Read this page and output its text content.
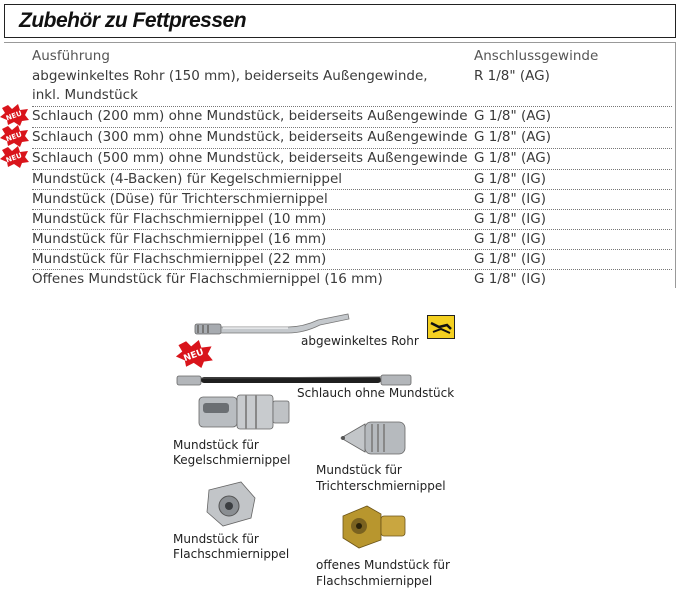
Zubehör zu Fettpressen
Ausführung	Anschlussgewinde
abgewinkeltes Rohr (150 mm), beiderseits Außengewinde,
inkl. Mundstück
R 1/8" (AG)
Schlauch (200 mm) ohne Mundstück, beiderseits Außengewinde G 1/8" (AG)
Schlauch (300 mm) ohne Mundstück, beiderseits Außengewinde G 1/8" (AG)
Schlauch (500 mm) ohne Mundstück, beiderseits Außengewinde G 1/8" (AG)
Mundstück (4-Backen) für Kegelschmiernippel	G 1/8" (IG)
Mundstück (Düse) für Trichterschmiernippel	G 1/8" (IG)
Mundstück für Flachschmiernippel (10 mm)	G 1/8" (IG)
Mundstück für Flachschmiernippel (16 mm)	G 1/8" (IG)
Mundstück für Flachschmiernippel (22 mm)	G 1/8" (IG)
Offenes Mundstück für Flachschmiernippel (16 mm)	G 1/8" (IG)
NEU
NEU
NEU
abgewinkeltes Rohr
NEU
Schlauch ohne Mundstück
Mundstück für
Kegelschmiernippel
Mundstück für
Trichterschmiernippel
Mundstück für
Flachschmiernippel
offenes Mundstück für
Flachschmiernippel
